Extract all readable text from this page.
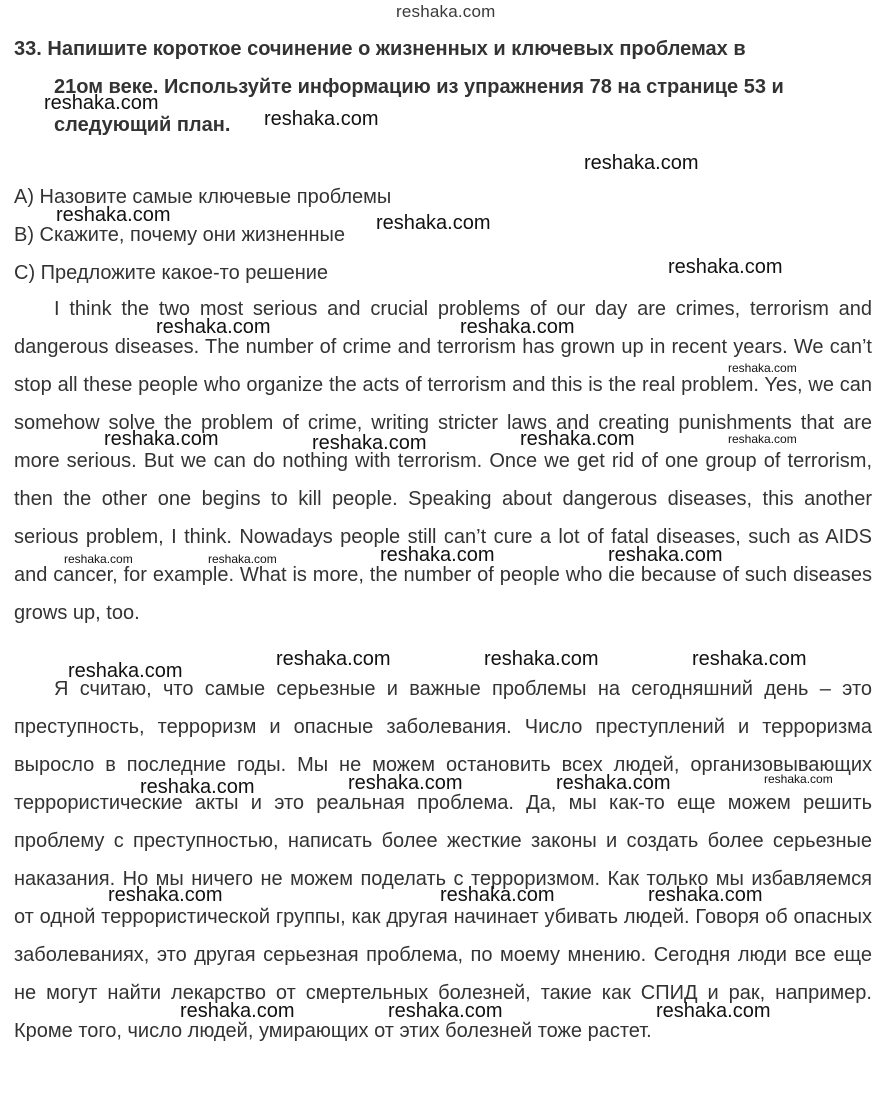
reshaka.com
33. Напишите короткое сочинение о жизненных и ключевых проблемах в
21ом веке. Используйте информацию из упражнения 78 на странице 53 и
следующий план.
A) Назовите самые ключевые проблемы
B) Скажите, почему они жизненные
C) Предложите какое-то решение

I think the two most serious and crucial problems of our day are crimes, terrorism and dangerous diseases. The number of crime and terrorism has grown up in recent years. We can’t stop all these people who organize the acts of terrorism and this is the real problem. Yes, we can somehow solve the problem of crime, writing stricter laws and creating punishments that are more serious. But we can do nothing with terrorism. Once we get rid of one group of terrorism, then the other one begins to kill people. Speaking about dangerous diseases, this another serious problem, I think. Nowadays people still can’t cure a lot of fatal diseases, such as AIDS and cancer, for example. What is more, the number of people who die because of such diseases grows up, too.

Я считаю, что самые серьезные и важные проблемы на сегодняшний день – это преступность, терроризм и опасные заболевания. Число преступлений и терроризма выросло в последние годы. Мы не можем остановить всех людей, организовывающих террористические акты и это реальная проблема. Да, мы как-то еще можем решить проблему с преступностью, написать более жесткие законы и создать более серьезные наказания. Но мы ничего не можем поделать с терроризмом. Как только мы избавляемся от одной террористической группы, как другая начинает убивать людей. Говоря об опасных заболеваниях, это другая серьезная проблема, по моему мнению. Сегодня люди все еще не могут найти лекарство от смертельных болезней, такие как СПИД и рак, например. Кроме того, число людей, умирающих от этих болезней тоже растет.

reshaka.com
reshaka.com
reshaka.com
reshaka.com	reshaka.com
reshaka.com
reshaka.com	reshaka.com
reshaka.com
reshaka.com	reshaka.com	reshaka.com	reshaka.com
reshaka.com	reshaka.com	reshaka.com	reshaka.com
reshaka.com
reshaka.com	reshaka.com	reshaka.com
reshaka.com	reshaka.com	reshaka.com	reshaka.com
reshaka.com	reshaka.com	reshaka.com
reshaka.com	reshaka.com	reshaka.com
